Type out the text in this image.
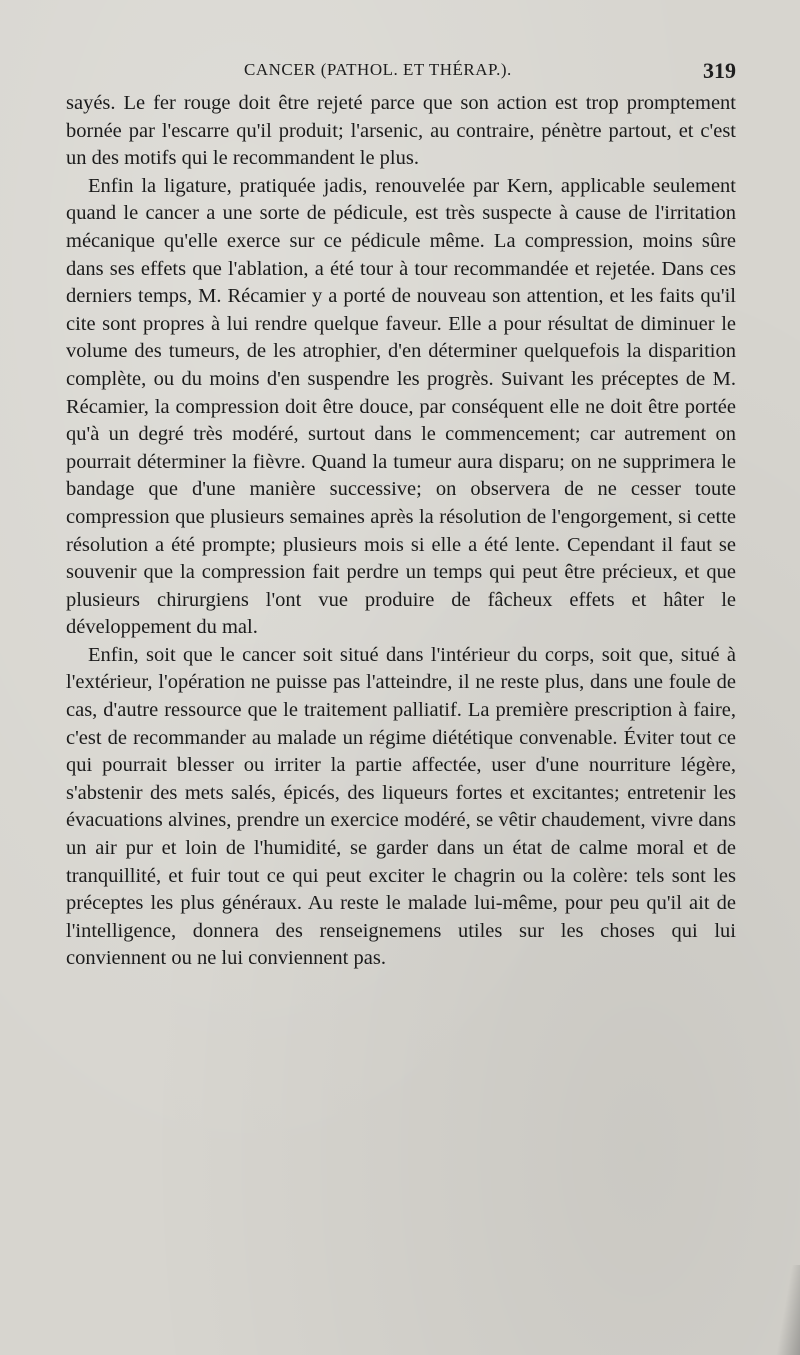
CANCER (PATHOL. ET THÉRAP.).	319

sayés. Le fer rouge doit être rejeté parce que son action est trop promptement bornée par l'escarre qu'il produit; l'arsenic, au contraire, pénètre partout, et c'est un des motifs qui le recommandent le plus.

Enfin la ligature, pratiquée jadis, renouvelée par Kern, applicable seulement quand le cancer a une sorte de pédicule, est très suspecte à cause de l'irritation mécanique qu'elle exerce sur ce pédicule même. La compression, moins sûre dans ses effets que l'ablation, a été tour à tour recommandée et rejetée. Dans ces derniers temps, M. Récamier y a porté de nouveau son attention, et les faits qu'il cite sont propres à lui rendre quelque faveur. Elle a pour résultat de diminuer le volume des tumeurs, de les atrophier, d'en déterminer quelquefois la disparition complète, ou du moins d'en suspendre les progrès. Suivant les préceptes de M. Récamier, la compression doit être douce, par conséquent elle ne doit être portée qu'à un degré très modéré, surtout dans le commencement; car autrement on pourrait déterminer la fièvre. Quand la tumeur aura disparu; on ne supprimera le bandage que d'une manière successive; on observera de ne cesser toute compression que plusieurs semaines après la résolution de l'engorgement, si cette résolution a été prompte; plusieurs mois si elle a été lente. Cependant il faut se souvenir que la compression fait perdre un temps qui peut être précieux, et que plusieurs chirurgiens l'ont vue produire de fâcheux effets et hâter le développement du mal.

Enfin, soit que le cancer soit situé dans l'intérieur du corps, soit que, situé à l'extérieur, l'opération ne puisse pas l'atteindre, il ne reste plus, dans une foule de cas, d'autre ressource que le traitement palliatif. La première prescription à faire, c'est de recommander au malade un régime diététique convenable. Éviter tout ce qui pourrait blesser ou irriter la partie affectée, user d'une nourriture légère, s'abstenir des mets salés, épicés, des liqueurs fortes et excitantes; entretenir les évacuations alvines, prendre un exercice modéré, se vêtir chaudement, vivre dans un air pur et loin de l'humidité, se garder dans un état de calme moral et de tranquillité, et fuir tout ce qui peut exciter le chagrin ou la colère: tels sont les préceptes les plus généraux. Au reste le malade lui-même, pour peu qu'il ait de l'intelligence, donnera des renseignemens utiles sur les choses qui lui conviennent ou ne lui conviennent pas.
